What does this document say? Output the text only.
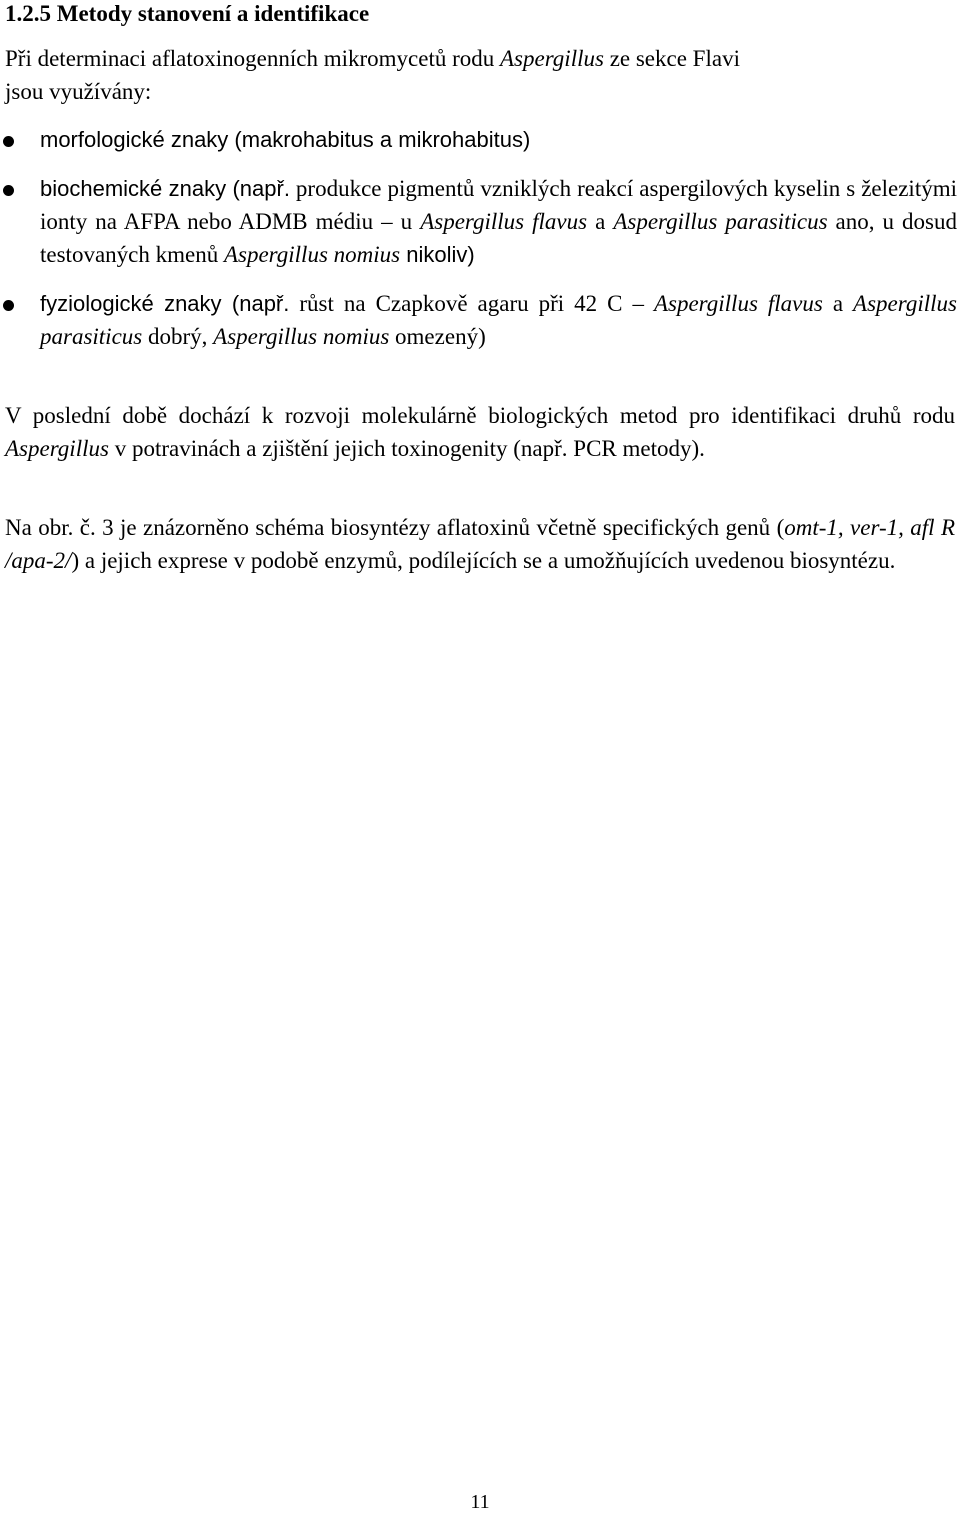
1.2.5 Metody stanovení a identifikace

Při determinaci aflatoxinogenních mikromycetů rodu Aspergillus ze sekce Flavi
jsou využívány:

morfologické znaky (makrohabitus a mikrohabitus)
biochemické znaky (např. produkce pigmentů vzniklých reakcí aspergilových kyselin s železitými ionty na AFPA nebo ADMB médiu – u Aspergillus flavus a Aspergillus parasiticus ano, u dosud testovaných kmenů Aspergillus nomius nikoliv)
fyziologické znaky (např. růst na Czapkově agaru při 42 C – Aspergillus flavus a Aspergillus parasiticus dobrý, Aspergillus nomius omezený)

V poslední době dochází k rozvoji molekulárně biologických metod pro identifikaci druhů rodu Aspergillus v potravinách a zjištění jejich toxinogenity (např. PCR metody).

Na obr. č. 3 je znázorněno schéma biosyntézy aflatoxinů včetně specifických genů (omt-1, ver-1, afl R /apa-2/) a jejich exprese v podobě enzymů, podílejících se a umožňujících uvedenou biosyntézu.

11
